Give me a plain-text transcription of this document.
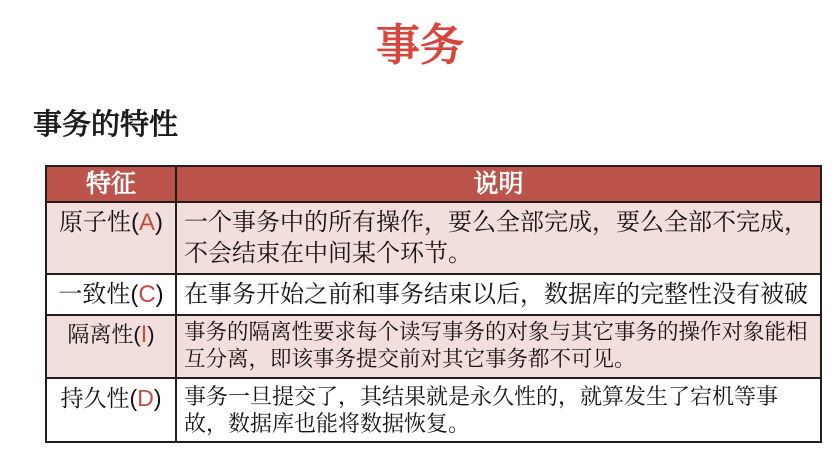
事务
事务的特性
特征	说明
原子性(A)	一个事务中的所有操作，要么全部完成，要么全部不完成，不会结束在中间某个环节。
一致性(C)	在事务开始之前和事务结束以后，数据库的完整性没有被破
隔离性(Ⅰ)	事务的隔离性要求每个读写事务的对象与其它事务的操作对象能相互分离，即该事务提交前对其它事务都不可见。
持久性(D)	事务一旦提交了，其结果就是永久性的，就算发生了宕机等事故，数据库也能将数据恢复。
